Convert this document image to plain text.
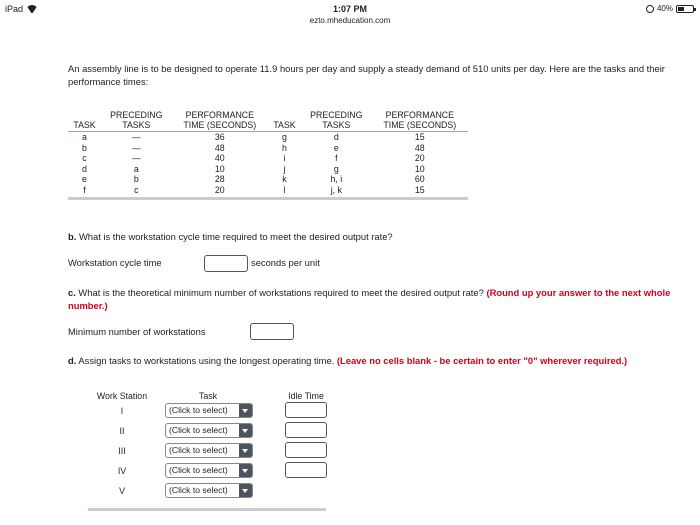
iPad	1:07 PM
ezto.mheducation.com
40%

An assembly line is to be designed to operate 11.9 hours per day and supply a steady demand of 510 units per day. Here are the tasks and their performance times:

	PRECEDING	PERFORMANCE		PRECEDING	PERFORMANCE
TASK	TASKS	TIME (SECONDS)	TASK	TASKS	TIME (SECONDS)
a	—	36	g	d	15
b	—	48	h	e	48
c	—	40	i	f	20
d	a	10	j	g	10
e	b	28	k	h, i	60
f	c	20	l	j, k	15

b. What is the workstation cycle time required to meet the desired output rate?

Workstation cycle time	seconds per unit

c. What is the theoretical minimum number of workstations required to meet the desired output rate? (Round up your answer to the next whole number.)

Minimum number of workstations

d. Assign tasks to workstations using the longest operating time. (Leave no cells blank - be certain to enter "0" wherever required.)

Work Station	Task	Idle Time
I	(Click to select)
II	(Click to select)
III	(Click to select)
IV	(Click to select)
V	(Click to select)
